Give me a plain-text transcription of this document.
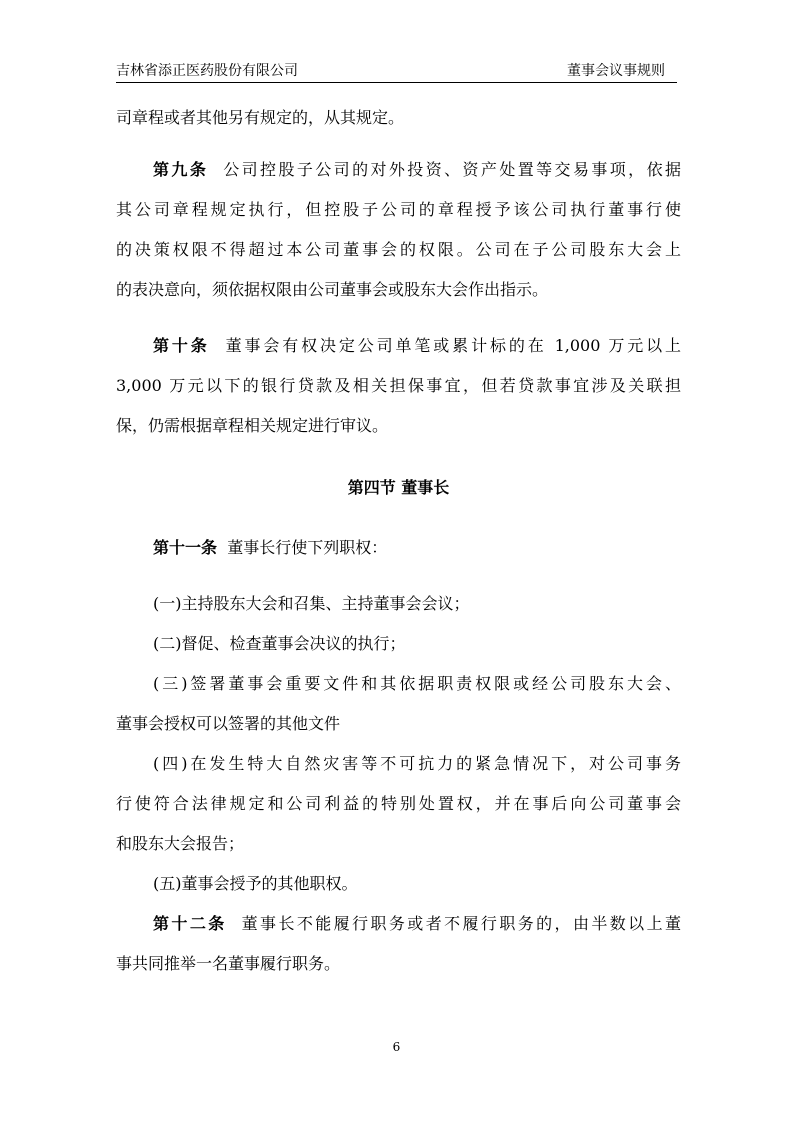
吉林省添正医药股份有限公司	董事会议事规则
司章程或者其他另有规定的，从其规定。
第九条 公司控股子公司的对外投资、资产处置等交易事项，依据
其公司章程规定执行，但控股子公司的章程授予该公司执行董事行使
的决策权限不得超过本公司董事会的权限。公司在子公司股东大会上
的表决意向，须依据权限由公司董事会或股东大会作出指示。
第十条 董事会有权决定公司单笔或累计标的在 1,000 万元以上
3,000 万元以下的银行贷款及相关担保事宜，但若贷款事宜涉及关联担
保，仍需根据章程相关规定进行审议。
第四节 董事长
第十一条 董事长行使下列职权：
(一)主持股东大会和召集、主持董事会会议；
(二)督促、检查董事会决议的执行；
(三)签署董事会重要文件和其依据职责权限或经公司股东大会、
董事会授权可以签署的其他文件
(四)在发生特大自然灾害等不可抗力的紧急情况下，对公司事务
行使符合法律规定和公司利益的特别处置权，并在事后向公司董事会
和股东大会报告；
(五)董事会授予的其他职权。
第十二条 董事长不能履行职务或者不履行职务的，由半数以上董
事共同推举一名董事履行职务。
6
